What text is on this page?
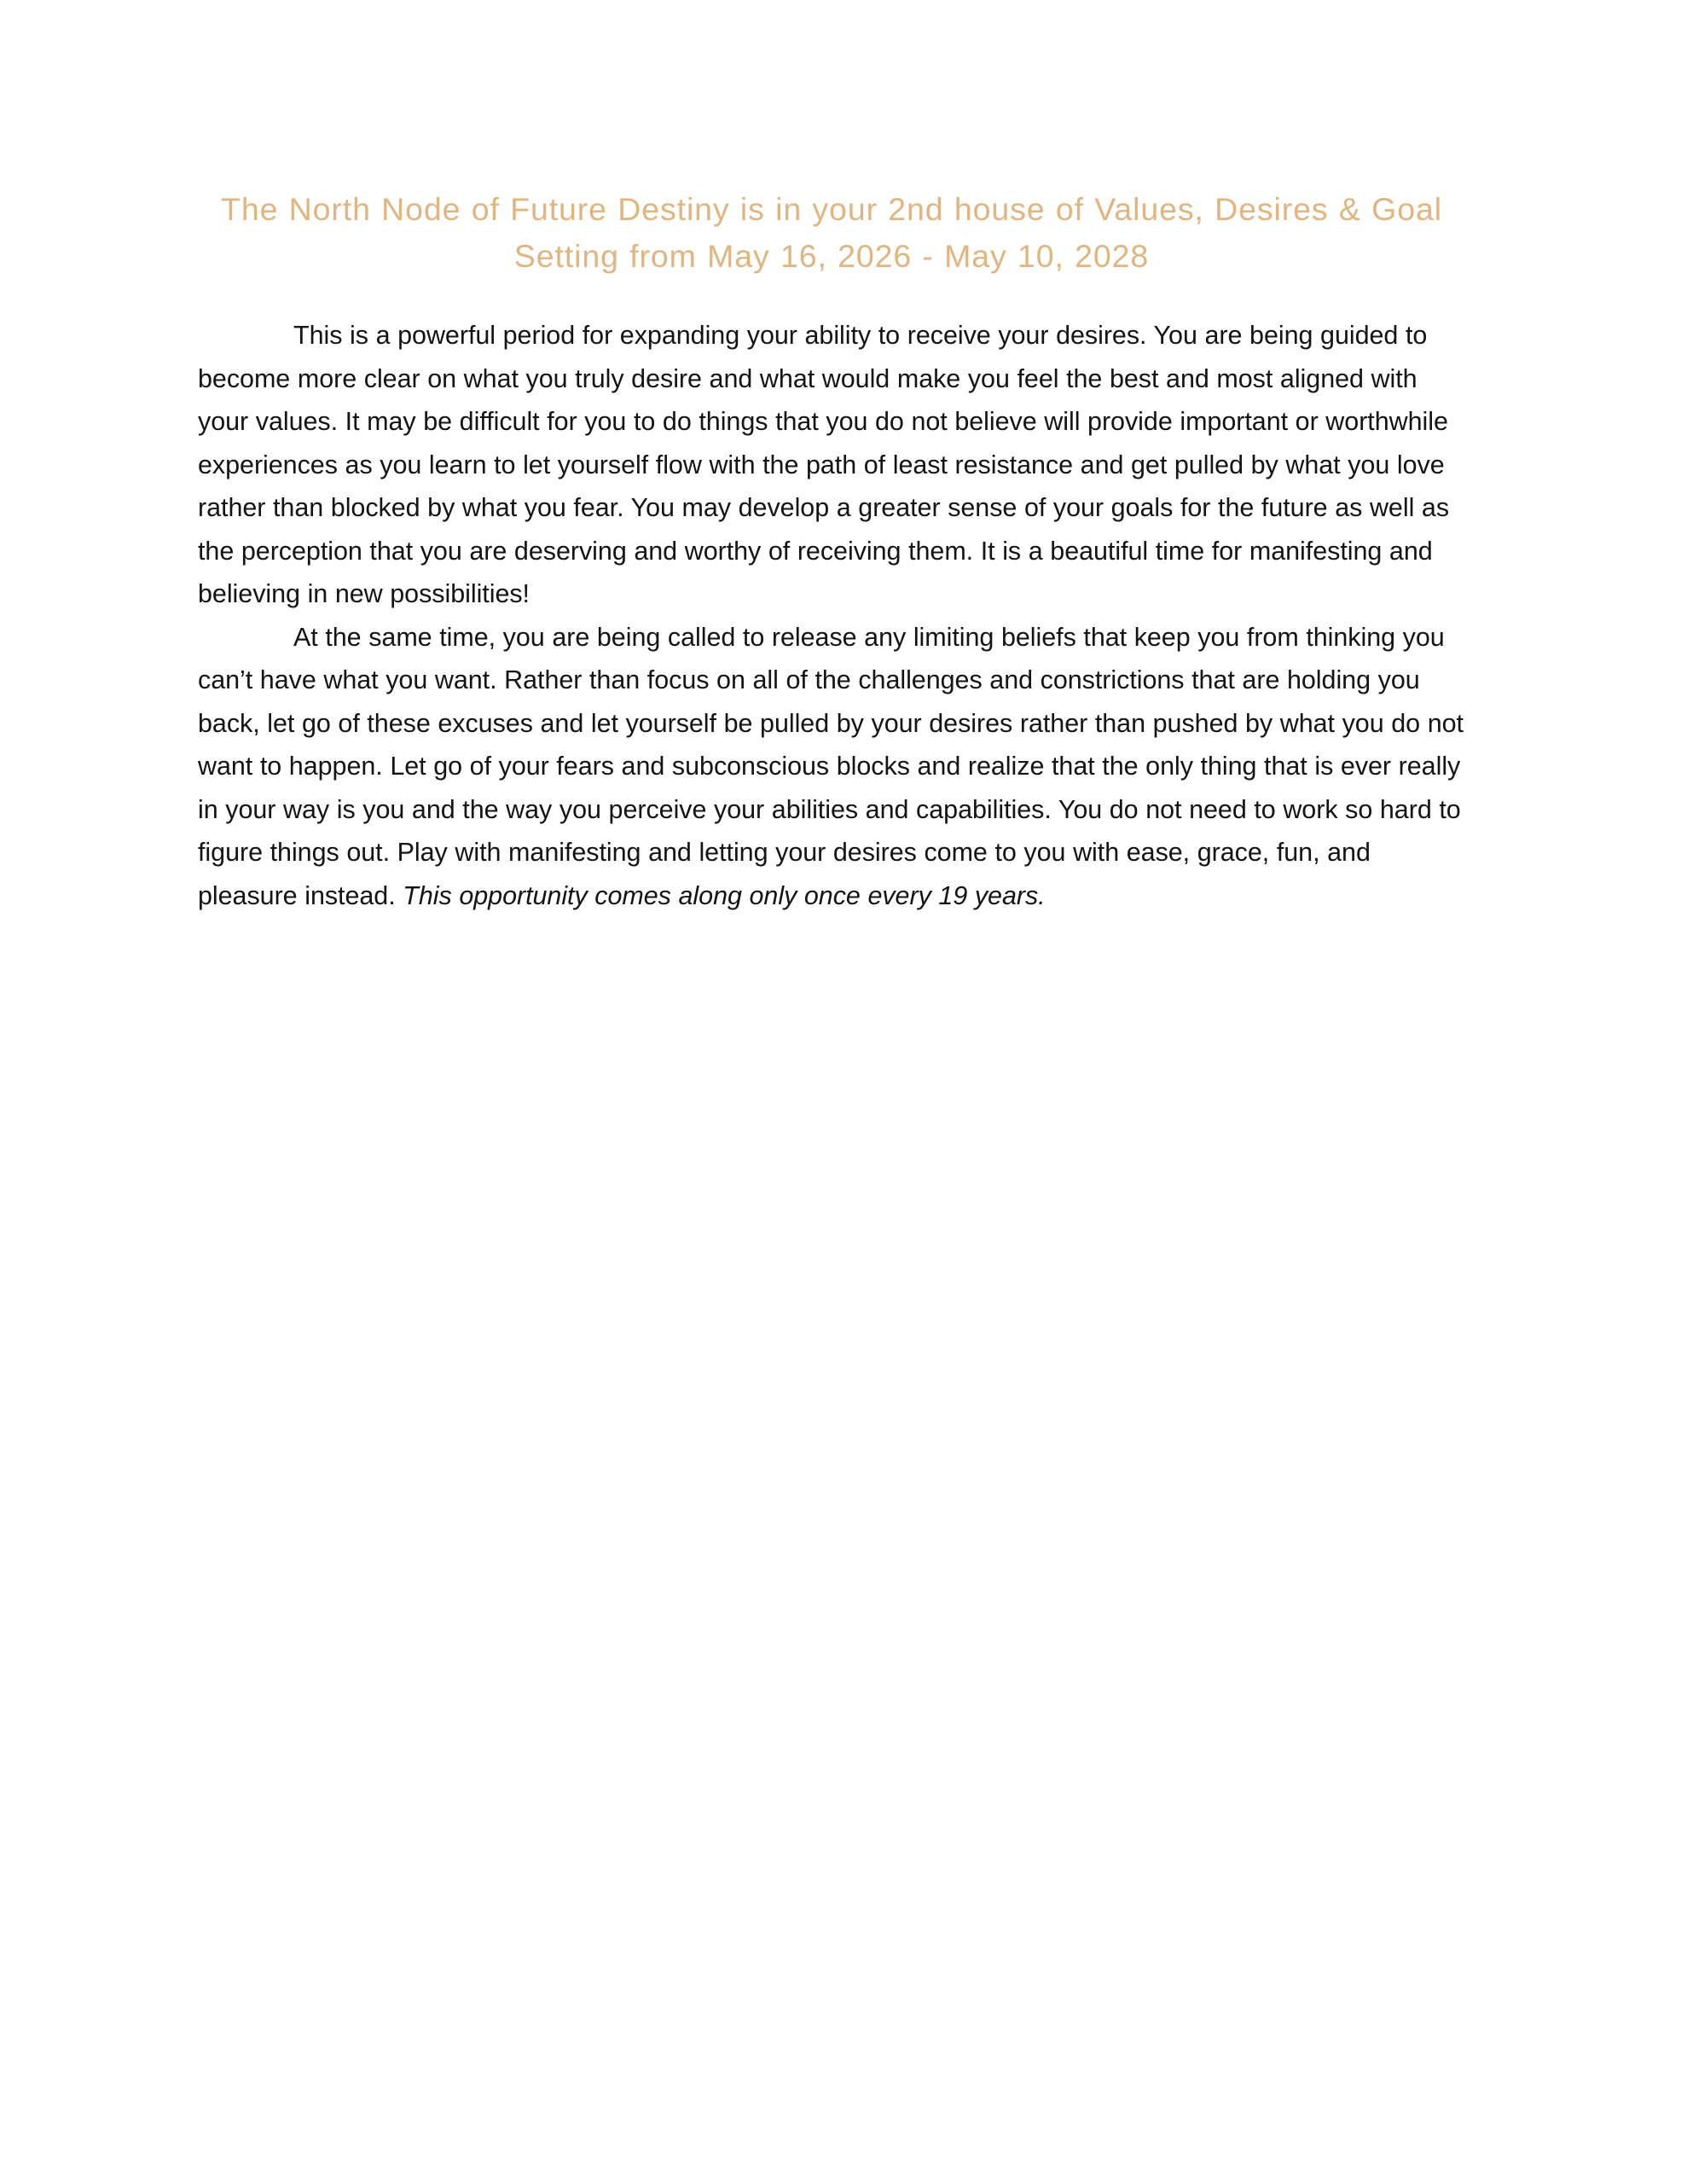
The North Node of Future Destiny is in your 2nd house of Values, Desires & Goal Setting from May 16, 2026 - May 10, 2028

This is a powerful period for expanding your ability to receive your desires. You are being guided to become more clear on what you truly desire and what would make you feel the best and most aligned with your values. It may be difficult for you to do things that you do not believe will provide important or worthwhile experiences as you learn to let yourself flow with the path of least resistance and get pulled by what you love rather than blocked by what you fear. You may develop a greater sense of your goals for the future as well as the perception that you are deserving and worthy of receiving them. It is a beautiful time for manifesting and believing in new possibilities!

At the same time, you are being called to release any limiting beliefs that keep you from thinking you can’t have what you want. Rather than focus on all of the challenges and constrictions that are holding you back, let go of these excuses and let yourself be pulled by your desires rather than pushed by what you do not want to happen. Let go of your fears and subconscious blocks and realize that the only thing that is ever really in your way is you and the way you perceive your abilities and capabilities. You do not need to work so hard to figure things out. Play with manifesting and letting your desires come to you with ease, grace, fun, and pleasure instead. This opportunity comes along only once every 19 years.
